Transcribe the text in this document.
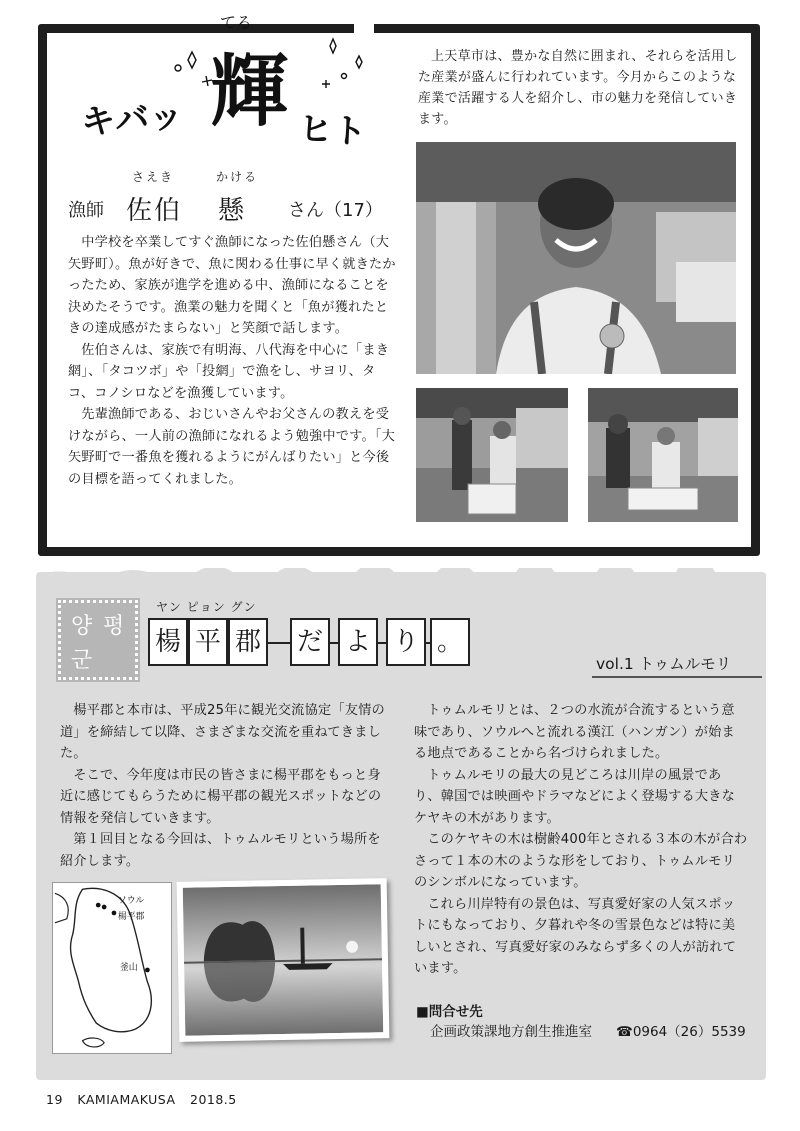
てる
キバッ 輝 ヒト
上天草市は、豊かな自然に囲まれ、それらを活用した産業が盛んに行われています。今月からこのような産業で活躍する人を紹介し、市の魅力を発信していきます。
漁師
さえき
佐伯
かける
懸 さん（17）

中学校を卒業してすぐ漁師になった佐伯懸さん（大矢野町）。魚が好きで、魚に関わる仕事に早く就きたかったため、家族が進学を進める中、漁師になることを決めたそうです。漁業の魅力を聞くと「魚が獲れたときの達成感がたまらない」と笑顔で話します。

佐伯さんは、家族で有明海、八代海を中心に「まき網」、「タコツボ」や「投網」で漁をし、サヨリ、タコ、コノシロなどを漁獲しています。

先輩漁師である、おじいさんやお父さんの教えを受けながら、一人前の漁師になれるよう勉強中です。「大矢野町で一番魚を獲れるようにがんばりたい」と今後の目標を語ってくれました。

양 평
군
ヤン ピョン グン
楊 平 郡 だ よ り 。
vol.1 トゥムルモリ

楊平郡と本市は、平成25年に観光交流協定「友情の道」を締結して以降、さまざまな交流を重ねてきました。

そこで、今年度は市民の皆さまに楊平郡をもっと身近に感じてもらうために楊平郡の観光スポットなどの情報を発信していきます。

第１回目となる今回は、トゥムルモリという場所を紹介します。

トゥムルモリとは、２つの水流が合流するという意味であり、ソウルへと流れる漢江（ハンガン）が始まる地点であることから名づけられました。

トゥムルモリの最大の見どころは川岸の風景であり、韓国では映画やドラマなどによく登場する大きなケヤキの木があります。

このケヤキの木は樹齢400年とされる３本の木が合わさって１本の木のような形をしており、トゥムルモリのシンボルになっています。

これら川岸特有の景色は、写真愛好家の人気スポットにもなっており、夕暮れや冬の雪景色などは特に美しいとされ、写真愛好家のみならず多くの人が訪れています。

ソウル
楊平郡
釜山
■問合せ先
企画政策課地方創生推進室 ☎0964（26）5539
19 KAMIAMAKUSA 2018.5
